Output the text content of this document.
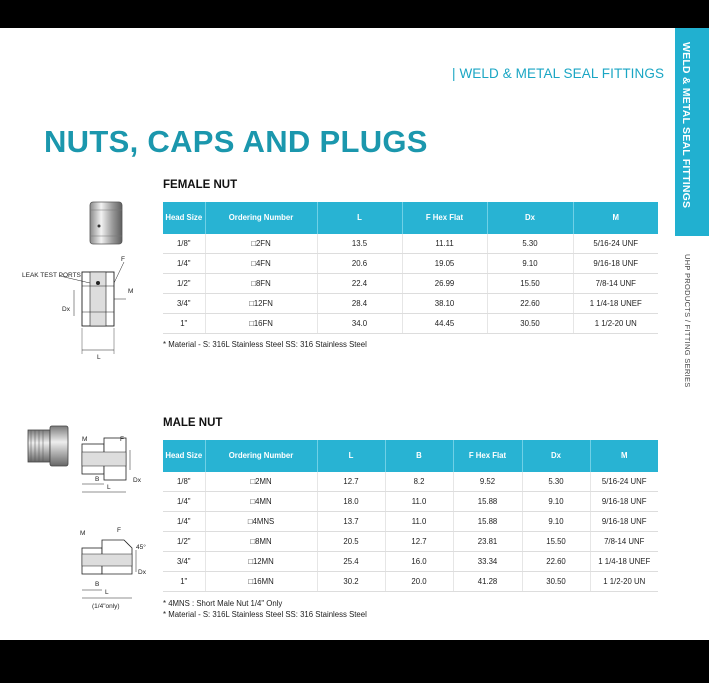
| WELD & METAL SEAL FITTINGS WELD & METAL SEAL FITTINGS
UHP PRODUCTS / FITTING SERIES
NUTS, CAPS AND PLUGS
FEMALE NUT
LEAK TEST PORTS
F
M
Dx
L
Head Size	Ordering Number	L	F Hex Flat	Dx	M
1/8"	□2FN	13.5	11.11	5.30	5/16-24 UNF
1/4"	□4FN	20.6	19.05	9.10	9/16-18 UNF
1/2"	□8FN	22.4	26.99	15.50	7/8-14 UNF
3/4"	□12FN	28.4	38.10	22.60	1 1/4-18 UNEF
1"	□16FN	34.0	44.45	30.50	1 1/2-20 UN
* Material - S: 316L Stainless Steel SS: 316 Stainless Steel
MALE NUT
M	F
Dx
B
L
M	F
45°
Dx
B
L
(1/4"only)
Head Size	Ordering Number	L	B	F Hex Flat	Dx	M
1/8"	□2MN	12.7	8.2	9.52	5.30	5/16-24 UNF
1/4"	□4MN	18.0	11.0	15.88	9.10	9/16-18 UNF
1/4"	□4MNS	13.7	11.0	15.88	9.10	9/16-18 UNF
1/2"	□8MN	20.5	12.7	23.81	15.50	7/8-14 UNF
3/4"	□12MN	25.4	16.0	33.34	22.60	1 1/4-18 UNEF
1"	□16MN	30.2	20.0	41.28	30.50	1 1/2-20 UN
* 4MNS : Short Male Nut 1/4" Only
* Material - S: 316L Stainless Steel SS: 316 Stainless Steel
